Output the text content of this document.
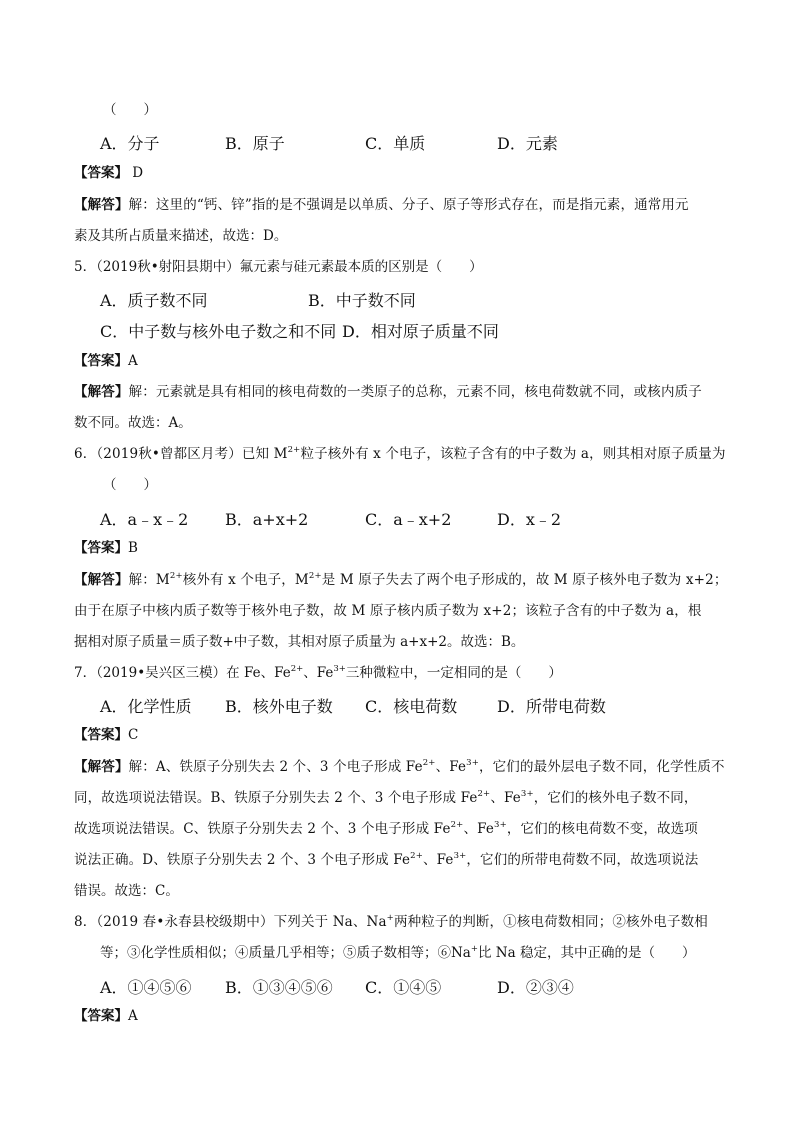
（　　）
A．分子	B．原子	C．单质	D．元素
【答案】 D
【解答】解：这里的“钙、锌”指的是不强调是以单质、分子、原子等形式存在，而是指元素，通常用元
素及其所占质量来描述，故选：D。
5．（2019秋•射阳县期中）氟元素与硅元素最本质的区别是（　　）
A．质子数不同	B．中子数不同
C．中子数与核外电子数之和不同 D．相对原子质量不同
【答案】A
【解答】解：元素就是具有相同的核电荷数的一类原子的总称，元素不同，核电荷数就不同，或核内质子
数不同。故选：A。
6．（2019秋•曾都区月考）已知 $M^{2+}$粒子核外有 x 个电子，该粒子含有的中子数为 a，则其相对原子质量为
（　　）
A．a﹣x﹣2 B．a+x+2	C．a﹣x+2	D．x﹣2
【答案】B
【解答】解：$M^{2+}$核外有 x 个电子，$M^{2+}$是 M 原子失去了两个电子形成的，故 M 原子核外电子数为 x+2；
由于在原子中核内质子数等于核外电子数，故 M 原子核内质子数为 x+2；该粒子含有的中子数为 a，根
据相对原子质量＝质子数+中子数，其相对原子质量为 a+x+2。故选：B。
7．（2019•吴兴区三模）在 Fe、$Fe^{2+}$、$Fe^{3+}$三种微粒中，一定相同的是（　　）
A．化学性质 B．核外电子数 C．核电荷数 D．所带电荷数
【答案】C
【解答】解：A、铁原子分别失去 2 个、3 个电子形成 $Fe^{2+}$、$Fe^{3+}$，它们的最外层电子数不同，化学性质不
同，故选项说法错误。B、铁原子分别失去 2 个、3 个电子形成 $Fe^{2+}$、$Fe^{3+}$，它们的核外电子数不同，
故选项说法错误。C、铁原子分别失去 2 个、3 个电子形成 $Fe^{2+}$、$Fe^{3+}$，它们的核电荷数不变，故选项
说法正确。D、铁原子分别失去 2 个、3 个电子形成 $Fe^{2+}$、$Fe^{3+}$，它们的所带电荷数不同，故选项说法
错误。故选：C。
8．（2019 春•永春县校级期中）下列关于 Na、Na+两种粒子的判断，①核电荷数相同；②核外电子数相
等；③化学性质相似；④质量几乎相等；⑤质子数相等；⑥Na+比 Na 稳定，其中正确的是（　　）
A．①④⑤⑥ B．①③④⑤⑥ C．①④⑤	D．②③④
【答案】A
